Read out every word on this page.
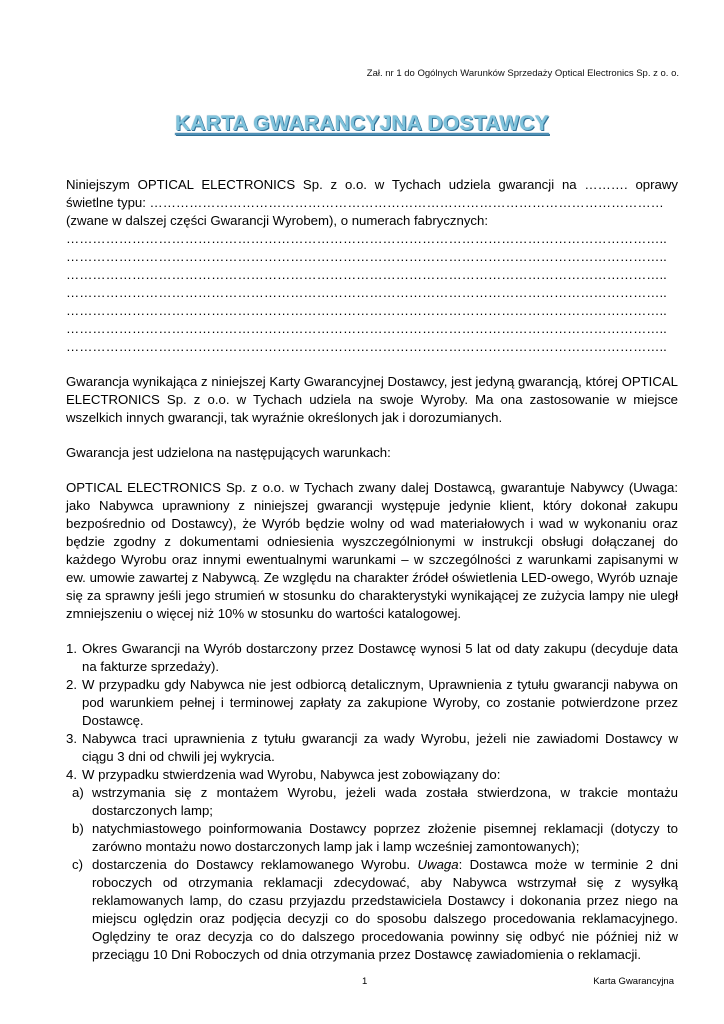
Zał. nr 1 do Ogólnych Warunków Sprzedaży Optical Electronics Sp. z o. o.
KARTA GWARANCYJNA DOSTAWCY

Niniejszym OPTICAL ELECTRONICS Sp. z o.o. w Tychach udziela gwarancji na ………. oprawy

świetlne typu: ………………………………………………………………………………………………………

(zwane w dalszej części Gwarancji Wyrobem), o numerach fabrycznych:

………………………………………………………………………………………………………………………..

………………………………………………………………………………………………………………………..

………………………………………………………………………………………………………………………..

………………………………………………………………………………………………………………………..

………………………………………………………………………………………………………………………..

………………………………………………………………………………………………………………………..

………………………………………………………………………………………………………………………..

Gwarancja wynikająca z niniejszej Karty Gwarancyjnej Dostawcy, jest jedyną gwarancją, której OPTICAL ELECTRONICS Sp. z o.o. w Tychach udziela na swoje Wyroby. Ma ona zastosowanie w miejsce wszelkich innych gwarancji, tak wyraźnie określonych jak i dorozumianych.

Gwarancja jest udzielona na następujących warunkach:

OPTICAL ELECTRONICS Sp. z o.o. w Tychach zwany dalej Dostawcą, gwarantuje Nabywcy (Uwaga: jako Nabywca uprawniony z niniejszej gwarancji występuje jedynie klient, który dokonał zakupu bezpośrednio od Dostawcy), że Wyrób będzie wolny od wad materiałowych i wad w wykonaniu oraz będzie zgodny z dokumentami odniesienia wyszczególnionymi w instrukcji obsługi dołączanej do każdego Wyrobu oraz innymi ewentualnymi warunkami – w szczególności z warunkami zapisanymi w ew. umowie zawartej z Nabywcą. Ze względu na charakter źródeł oświetlenia LED-owego, Wyrób uznaje się za sprawny jeśli jego strumień w stosunku do charakterystyki wynikającej ze zużycia lampy nie uległ zmniejszeniu o więcej niż 10% w stosunku do wartości katalogowej.

1. Okres Gwarancji na Wyrób dostarczony przez Dostawcę wynosi 5 lat od daty zakupu (decyduje data na fakturze sprzedaży).
2. W przypadku gdy Nabywca nie jest odbiorcą detalicznym, Uprawnienia z tytułu gwarancji nabywa on pod warunkiem pełnej i terminowej zapłaty za zakupione Wyroby, co zostanie potwierdzone przez Dostawcę.
3. Nabywca traci uprawnienia z tytułu gwarancji za wady Wyrobu, jeżeli nie zawiadomi Dostawcy w ciągu 3 dni od chwili jej wykrycia.
4. W przypadku stwierdzenia wad Wyrobu, Nabywca jest zobowiązany do:
a) wstrzymania się z montażem Wyrobu, jeżeli wada została stwierdzona, w trakcie montażu dostarczonych lamp;
b) natychmiastowego poinformowania Dostawcy poprzez złożenie pisemnej reklamacji (dotyczy to zarówno montażu nowo dostarczonych lamp jak i lamp wcześniej zamontowanych);
c) dostarczenia do Dostawcy reklamowanego Wyrobu. Uwaga: Dostawca może w terminie 2 dni roboczych od otrzymania reklamacji zdecydować, aby Nabywca wstrzymał się z wysyłką reklamowanych lamp, do czasu przyjazdu przedstawiciela Dostawcy i dokonania przez niego na miejscu oględzin oraz podjęcia decyzji co do sposobu dalszego procedowania reklamacyjnego. Oględziny te oraz decyzja co do dalszego procedowania powinny się odbyć nie później niż w przeciągu 10 Dni Roboczych od dnia otrzymania przez Dostawcę zawiadomienia o reklamacji.
1	Karta Gwarancyjna
